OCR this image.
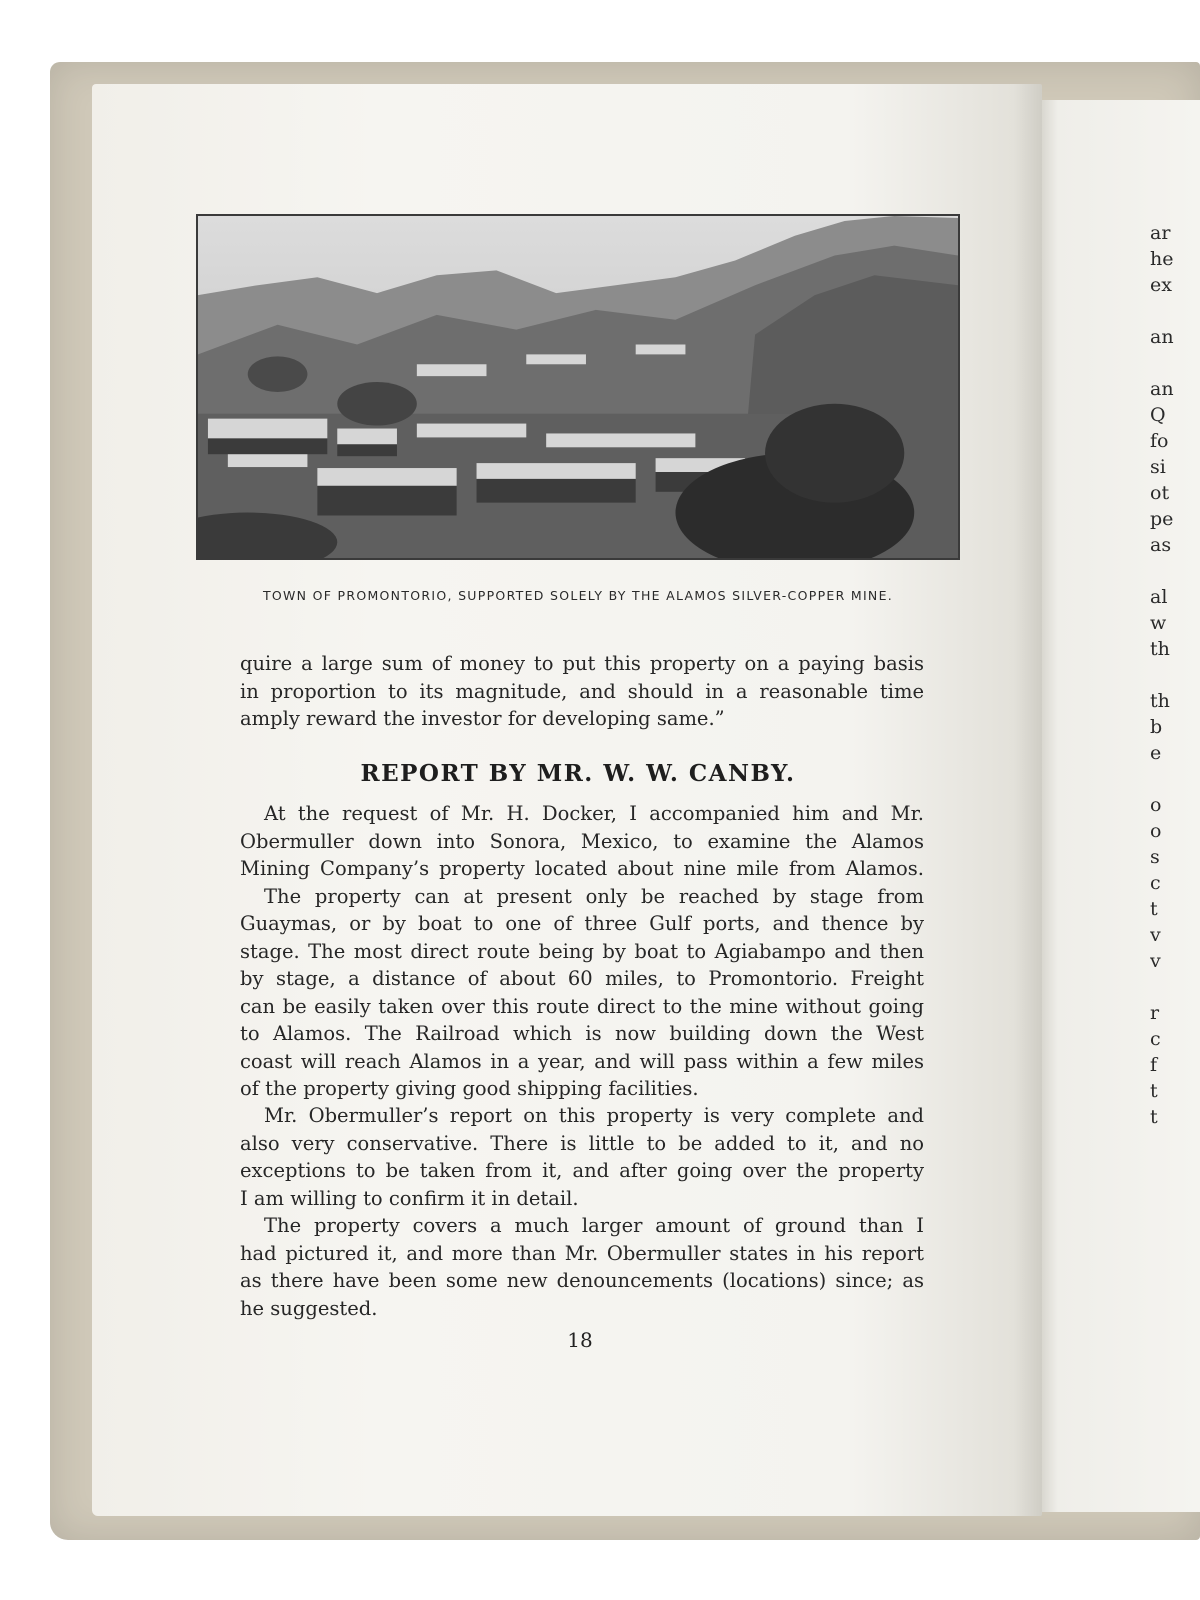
TOWN OF PROMONTORIO, SUPPORTED SOLELY BY THE ALAMOS SILVER-COPPER MINE.
quire a large sum of money to put this property on a paying basis
in proportion to its magnitude, and should in a reasonable time
amply reward the investor for developing same.”
REPORT BY MR. W. W. CANBY.
At the request of Mr. H. Docker, I accompanied him and Mr.
Obermuller down into Sonora, Mexico, to examine the Alamos
Mining Company’s property located about nine mile from Alamos.
The property can at present only be reached by stage from
Guaymas, or by boat to one of three Gulf ports, and thence by
stage. The most direct route being by boat to Agiabampo and then
by stage, a distance of about 60 miles, to Promontorio. Freight
can be easily taken over this route direct to the mine without going
to Alamos. The Railroad which is now building down the West
coast will reach Alamos in a year, and will pass within a few miles
of the property giving good shipping facilities.
Mr. Obermuller’s report on this property is very complete and
also very conservative. There is little to be added to it, and no
exceptions to be taken from it, and after going over the property
I am willing to confirm it in detail.
The property covers a much larger amount of ground than I
had pictured it, and more than Mr. Obermuller states in his report
as there have been some new denouncements (locations) since; as
he suggested.
18
ar
he
ex

an

an
Q
fo
si
ot
pe
as

al
w
th

th
b
e

o
o
s
c
t
v
v

r
c
f
t
t
